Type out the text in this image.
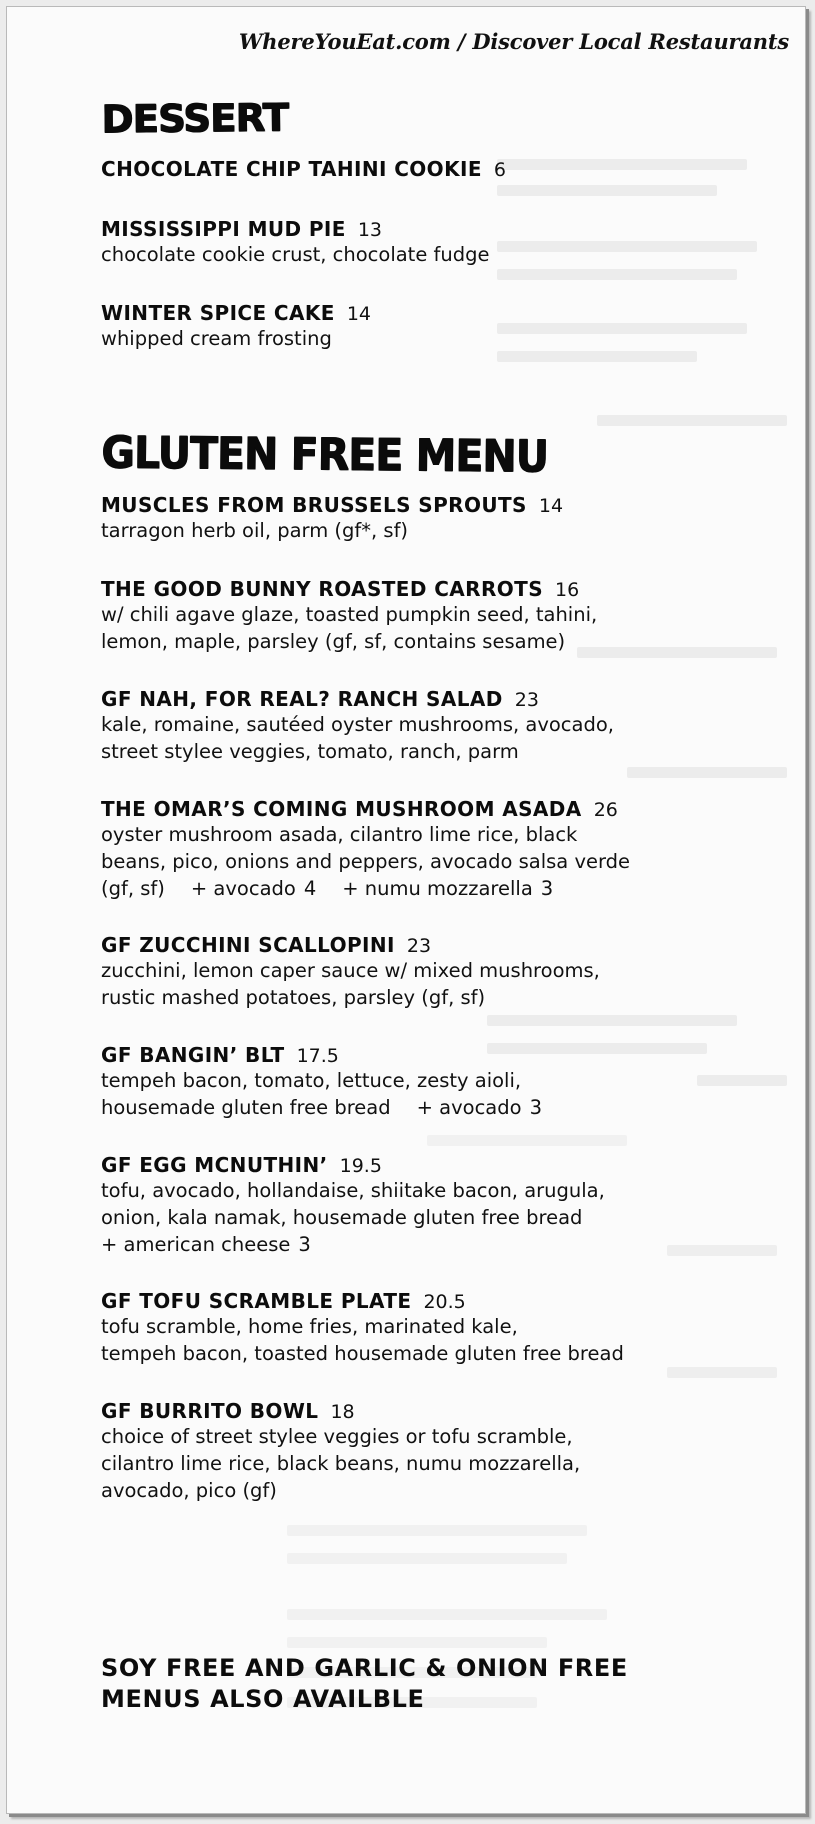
WhereYouEat.com / Discover Local Restaurants
DESSERT
CHOCOLATE CHIP TAHINI COOKIE 6
MISSISSIPPI MUD PIE 13
chocolate cookie crust, chocolate fudge
WINTER SPICE CAKE 14
whipped cream frosting
GLUTEN FREE MENU
MUSCLES FROM BRUSSELS SPROUTS 14
tarragon herb oil, parm (gf*, sf)
THE GOOD BUNNY ROASTED CARROTS 16
w/ chili agave glaze, toasted pumpkin seed, tahini,
lemon, maple, parsley (gf, sf, contains sesame)
GF NAH, FOR REAL? RANCH SALAD 23
kale, romaine, sautéed oyster mushrooms, avocado,
street stylee veggies, tomato, ranch, parm
THE OMAR’S COMING MUSHROOM ASADA 26
oyster mushroom asada, cilantro lime rice, black
beans, pico, onions and peppers, avocado salsa verde
(gf, sf) + avocado 4 + numu mozzarella 3
GF ZUCCHINI SCALLOPINI 23
zucchini, lemon caper sauce w/ mixed mushrooms,
rustic mashed potatoes, parsley (gf, sf)
GF BANGIN’ BLT 17.5
tempeh bacon, tomato, lettuce, zesty aioli,
housemade gluten free bread + avocado 3
GF EGG MCNUTHIN’ 19.5
tofu, avocado, hollandaise, shiitake bacon, arugula,
onion, kala namak, housemade gluten free bread
+ american cheese 3
GF TOFU SCRAMBLE PLATE 20.5
tofu scramble, home fries, marinated kale,
tempeh bacon, toasted housemade gluten free bread
GF BURRITO BOWL 18
choice of street stylee veggies or tofu scramble,
cilantro lime rice, black beans, numu mozzarella,
avocado, pico (gf)
SOY FREE AND GARLIC & ONION FREE
MENUS ALSO AVAILBLE
